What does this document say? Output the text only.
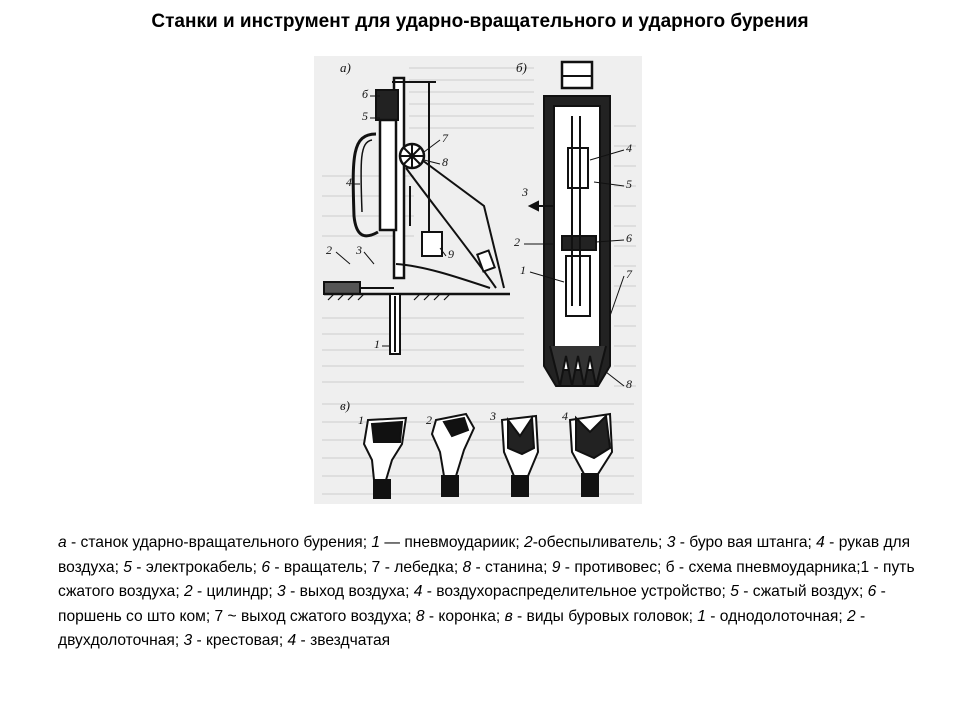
Станки и инструмент для ударно-вращательного и ударного бурения
а)
б
5
4
2 3
1
7
8
9
б)
4
5
3
2	6
1	7
8
в)
1	2	3	4
а - станок ударно-вращательного бурения; 1 — пневмоудариик; 2-обеспыливатель; 3 - буро вая штанга; 4 - рукав для воздуха; 5 - электрокабель; 6 - вращатель; 7 - лебедка; 8 - станина; 9 - противовес; б - схема пневмоударника;1 - путь сжатого воздуха; 2 - цилиндр; 3 - выход воздуха; 4 - воздухораспределительное устройство; 5 - сжатый воздух; 6 - поршень со што ком; 7 ~ выход сжатого воздуха; 8 - коронка; в - виды буровых головок; 1 - однодолоточная; 2 - двухдолоточная; 3 - крестовая; 4 - звездчатая
